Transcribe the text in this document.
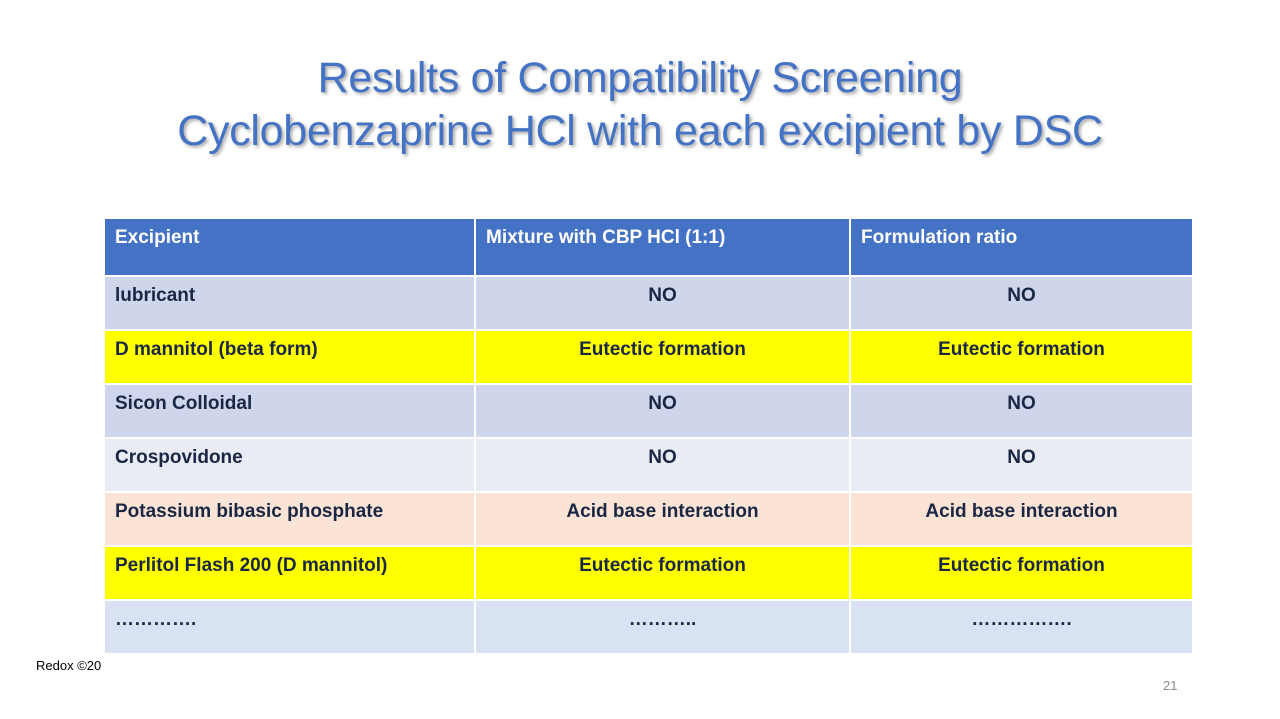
Results of Compatibility Screening
Cyclobenzaprine HCl with each excipient by DSC
Redox ©20
Excipient	Mixture with CBP HCl (1:1)	Formulation ratio
lubricant	NO	NO
D mannitol (beta form)	Eutectic formation	Eutectic formation
Sicon Colloidal	NO	NO
Crospovidone	NO	NO
Potassium bibasic phosphate	Acid base interaction	Acid base interaction
Perlitol Flash 200 (D mannitol)	Eutectic formation	Eutectic formation
………….	………..	…………….
21
